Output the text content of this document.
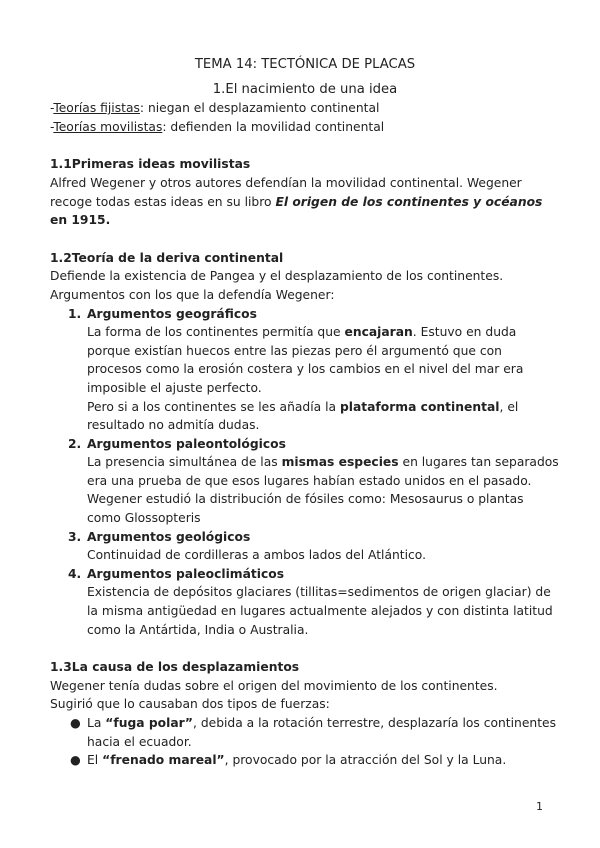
TEMA 14: TECTÓNICA DE PLACAS

1.El nacimiento de una idea

-Teorías fijistas: niegan el desplazamiento continental

-Teorías movilistas: defienden la movilidad continental

1.1Primeras ideas movilistas

Alfred Wegener y otros autores defendían la movilidad continental. Wegener recoge todas estas ideas en su libro El origen de los continentes y océanos en 1915.

1.2Teoría de la deriva continental

Defiende la existencia de Pangea y el desplazamiento de los continentes.

Argumentos con los que la defendía Wegener:

1. Argumentos geográficos

La forma de los continentes permitía que encajaran. Estuvo en duda porque existían huecos entre las piezas pero él argumentó que con procesos como la erosión costera y los cambios en el nivel del mar era imposible el ajuste perfecto.

Pero si a los continentes se les añadía la plataforma continental, el resultado no admitía dudas.

2. Argumentos paleontológicos

La presencia simultánea de las mismas especies en lugares tan separados era una prueba de que esos lugares habían estado unidos en el pasado.

Wegener estudió la distribución de fósiles como: Mesosaurus o plantas como Glossopteris

3. Argumentos geológicos

Continuidad de cordilleras a ambos lados del Atlántico.

4. Argumentos paleoclimáticos

Existencia de depósitos glaciares (tillitas=sedimentos de origen glaciar) de la misma antigüedad en lugares actualmente alejados y con distinta latitud como la Antártida, India o Australia.

1.3La causa de los desplazamientos

Wegener tenía dudas sobre el origen del movimiento de los continentes.

Sugirió que lo causaban dos tipos de fuerzas:

● La “fuga polar”, debida a la rotación terrestre, desplazaría los continentes hacia el ecuador.
● El “frenado mareal”, provocado por la atracción del Sol y la Luna.
1
